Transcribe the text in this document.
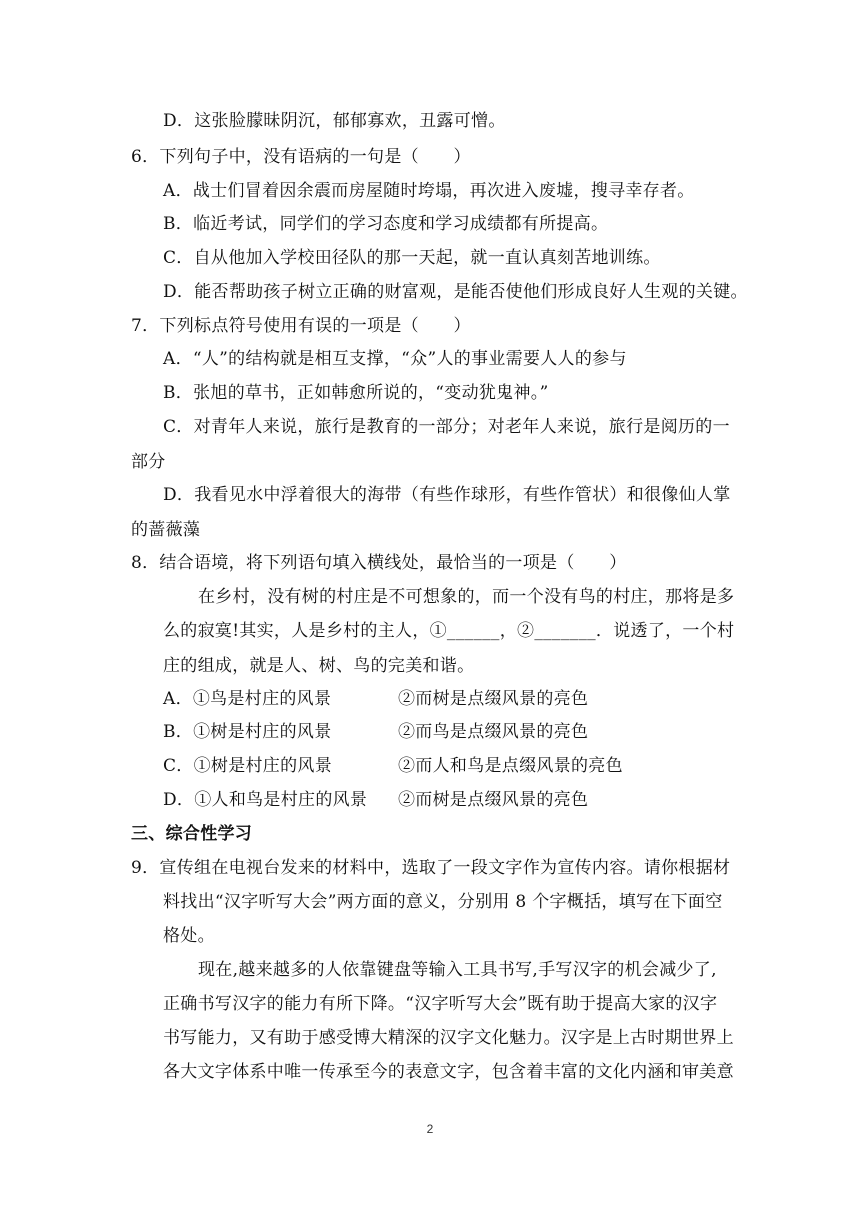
D．这张脸朦昧阴沉，郁郁寡欢，丑露可憎。
6．下列句子中，没有语病的一句是（　　）
A．战士们冒着因余震而房屋随时垮塌，再次进入废墟，搜寻幸存者。
B．临近考试，同学们的学习态度和学习成绩都有所提高。
C．自从他加入学校田径队的那一天起，就一直认真刻苦地训练。
D．能否帮助孩子树立正确的财富观，是能否使他们形成良好人生观的关键。
7．下列标点符号使用有误的一项是（　　）
A．“人”的结构就是相互支撑，“众”人的事业需要人人的参与
B．张旭的草书，正如韩愈所说的，“变动犹鬼神。”
C．对青年人来说，旅行是教育的一部分；对老年人来说，旅行是阅历的一
部分
D．我看见水中浮着很大的海带（有些作球形，有些作管状）和很像仙人掌
的蔷薇藻
8．结合语境，将下列语句填入横线处，最恰当的一项是（　　）
在乡村，没有树的村庄是不可想象的，而一个没有鸟的村庄，那将是多
么的寂寞!其实，人是乡村的主人，①______，②_______．说透了，一个村
庄的组成，就是人、树、鸟的完美和谐。
A．①鸟是村庄的风景	②而树是点缀风景的亮色
B．①树是村庄的风景	②而鸟是点缀风景的亮色
C．①树是村庄的风景	②而人和鸟是点缀风景的亮色
D．①人和鸟是村庄的风景 ②而树是点缀风景的亮色
三、综合性学习
9．宣传组在电视台发来的材料中，选取了一段文字作为宣传内容。请你根据材
料找出“汉字听写大会”两方面的意义，分别用 8 个字概括，填写在下面空
格处。
现在,越来越多的人依靠键盘等输入工具书写,手写汉字的机会减少了,
正确书写汉字的能力有所下降。“汉字听写大会”既有助于提高大家的汉字
书写能力，又有助于感受博大精深的汉字文化魅力。汉字是上古时期世界上
各大文字体系中唯一传承至今的表意文字，包含着丰富的文化内涵和审美意
2
